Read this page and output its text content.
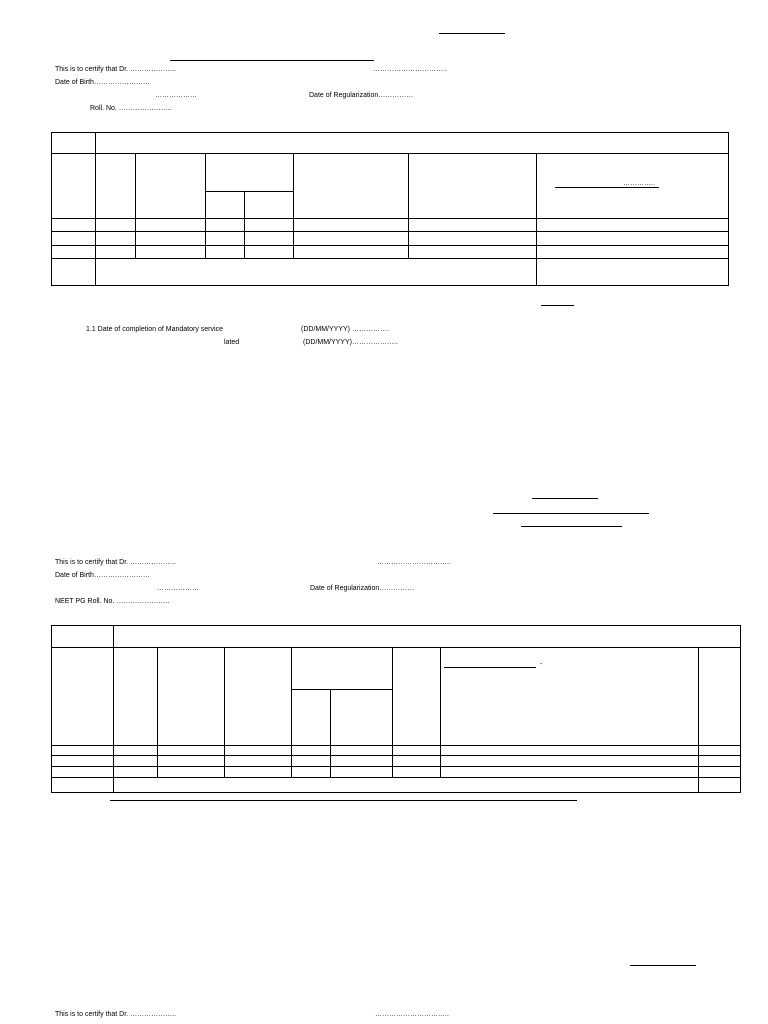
This is to certify that Dr. ………………..	…………………………..
Date of Birth……………………
………………	Date of Regularization……………
Roll. No. …………………..

							…………..

1.1 Date of completion of Mandatory service	(DD/MM/YYYY) …………….
lated	(DD/MM/YYYY)………………..
This is to certify that Dr. ………………..	…………………………..
Date of Birth……………………
………………	Date of Regularization……………
NEET PG Roll. No. …………………..

							-	

This is to certify that Dr. ………………..	…………………………..
